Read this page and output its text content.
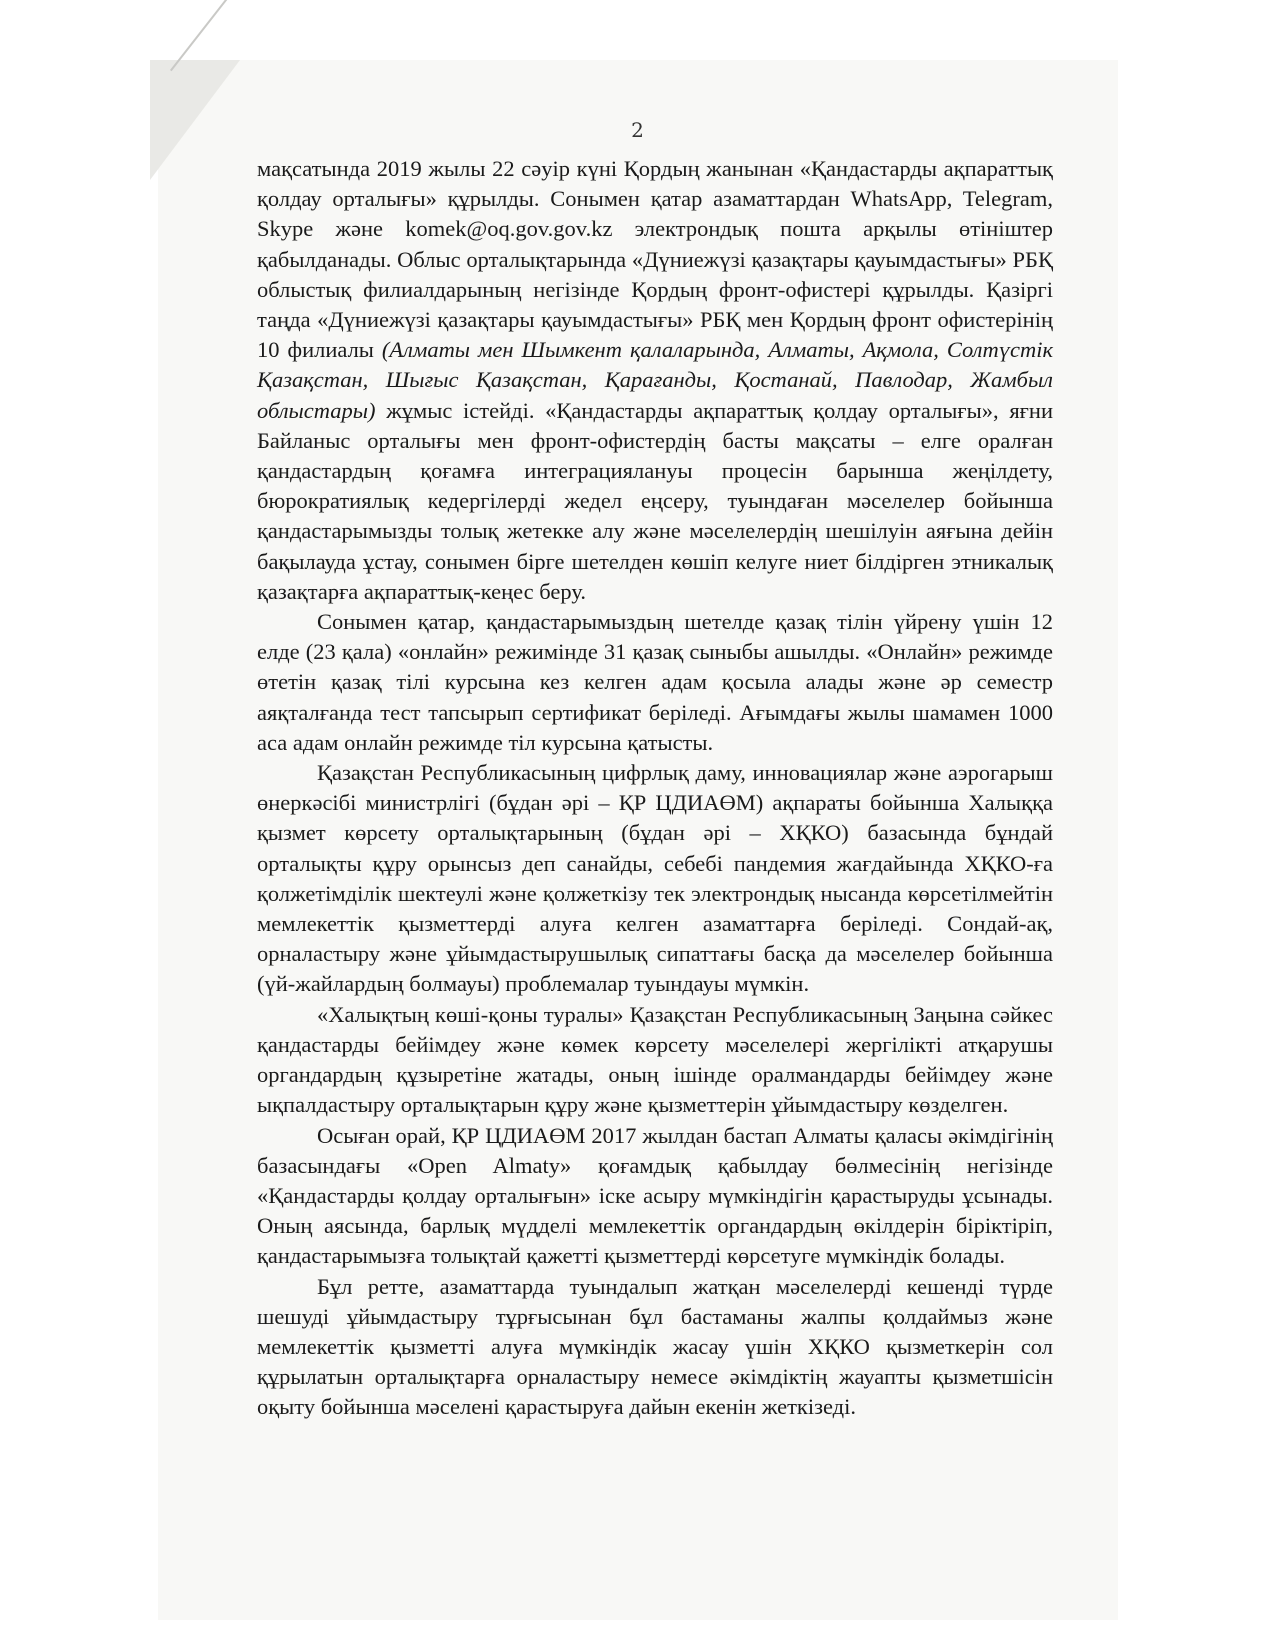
2

мақсатында 2019 жылы 22 сәуір күні Қордың жанынан «Қандастарды ақпараттық қолдау орталығы» құрылды. Сонымен қатар азаматтардан WhatsApp, Telegram, Skype және komek@oq.gov.gov.kz электрондық пошта арқылы өтініштер қабылданады. Облыс орталықтарында «Дүниежүзі қазақтары қауымдастығы» РБҚ облыстық филиалдарының негізінде Қордың фронт-офистері құрылды. Қазіргі таңда «Дүниежүзі қазақтары қауымдастығы» РБҚ мен Қордың фронт офистерінің 10 филиалы (Алматы мен Шымкент қалаларында, Алматы, Ақмола, Солтүстік Қазақстан, Шығыс Қазақстан, Қарағанды, Қостанай, Павлодар, Жамбыл облыстары) жұмыс істейді. «Қандастарды ақпараттық қолдау орталығы», яғни Байланыс орталығы мен фронт-офистердің басты мақсаты – елге оралған қандастардың қоғамға интеграциялануы процесін барынша жеңілдету, бюрократиялық кедергілерді жедел еңсеру, туындаған мәселелер бойынша қандастарымызды толық жетекке алу және мәселелердің шешілуін аяғына дейін бақылауда ұстау, сонымен бірге шетелден көшіп келуге ниет білдірген этникалық қазақтарға ақпараттық-кеңес беру.

Сонымен қатар, қандастарымыздың шетелде қазақ тілін үйрену үшін 12 елде (23 қала) «онлайн» режимінде 31 қазақ сыныбы ашылды. «Онлайн» режимде өтетін қазақ тілі курсына кез келген адам қосыла алады және әр семестр аяқталғанда тест тапсырып сертификат беріледі. Ағымдағы жылы шамамен 1000 аса адам онлайн режимде тіл курсына қатысты.

Қазақстан Республикасының цифрлық даму, инновациялар және аэрогарыш өнеркәсібі министрлігі (бұдан әрі – ҚР ЦДИАӨМ) ақпараты бойынша Халыққа қызмет көрсету орталықтарының (бұдан әрі – ХҚКО) базасында бұндай орталықты құру орынсыз деп санайды, себебі пандемия жағдайында ХҚКО-ға қолжетімділік шектеулі және қолжеткізу тек электрондық нысанда көрсетілмейтін мемлекеттік қызметтерді алуға келген азаматтарға беріледі. Сондай-ақ, орналастыру және ұйымдастырушылық сипаттағы басқа да мәселелер бойынша (үй-жайлардың болмауы) проблемалар туындауы мүмкін.

«Халықтың көші-қоны туралы» Қазақстан Республикасының Заңына сәйкес қандастарды бейімдеу және көмек көрсету мәселелері жергілікті атқарушы органдардың құзыретіне жатады, оның ішінде оралмандарды бейімдеу және ықпалдастыру орталықтарын құру және қызметтерін ұйымдастыру көзделген.

Осыған орай, ҚР ЦДИАӨМ 2017 жылдан бастап Алматы қаласы әкімдігінің базасындағы «Open Almaty» қоғамдық қабылдау бөлмесінің негізінде «Қандастарды қолдау орталығын» іске асыру мүмкіндігін қарастыруды ұсынады. Оның аясында, барлық мүдделі мемлекеттік органдардың өкілдерін біріктіріп, қандастарымызға толықтай қажетті қызметтерді көрсетуге мүмкіндік болады.

Бұл ретте, азаматтарда туындалып жатқан мәселелерді кешенді түрде шешуді ұйымдастыру тұрғысынан бұл бастаманы жалпы қолдаймыз және мемлекеттік қызметті алуға мүмкіндік жасау үшін ХҚКО қызметкерін сол құрылатын орталықтарға орналастыру немесе әкімдіктің жауапты қызметшісін оқыту бойынша мәселені қарастыруға дайын екенін жеткізеді.
